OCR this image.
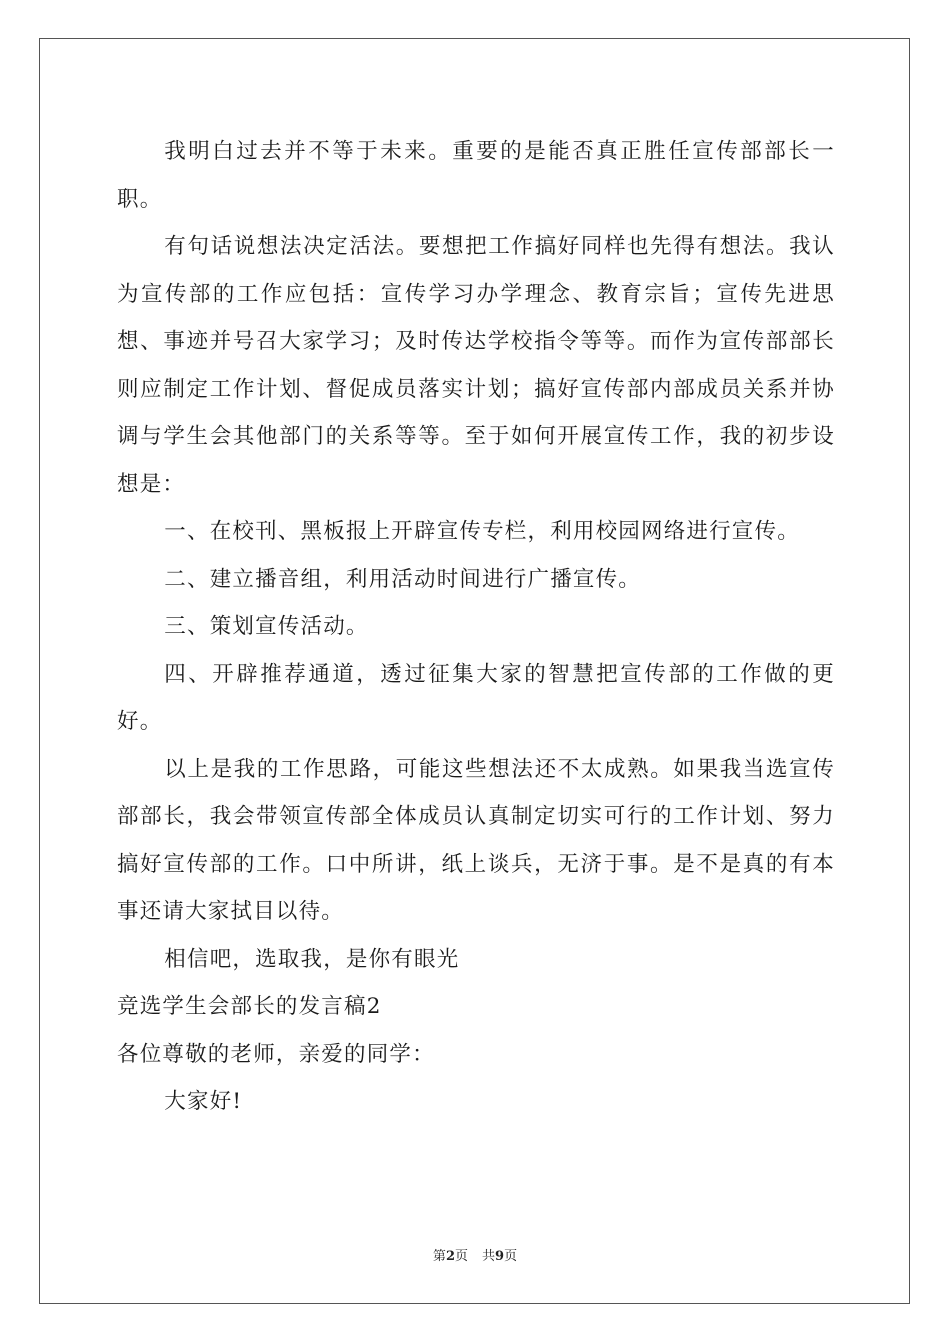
我明白过去并不等于未来。重要的是能否真正胜任宣传部部长一职。

有句话说想法决定活法。要想把工作搞好同样也先得有想法。我认为宣传部的工作应包括：宣传学习办学理念、教育宗旨；宣传先进思想、事迹并号召大家学习；及时传达学校指令等等。而作为宣传部部长则应制定工作计划、督促成员落实计划；搞好宣传部内部成员关系并协调与学生会其他部门的关系等等。至于如何开展宣传工作，我的初步设想是：

一、在校刊、黑板报上开辟宣传专栏，利用校园网络进行宣传。

二、建立播音组，利用活动时间进行广播宣传。

三、策划宣传活动。

四、开辟推荐通道，透过征集大家的智慧把宣传部的工作做的更好。

以上是我的工作思路，可能这些想法还不太成熟。如果我当选宣传部部长，我会带领宣传部全体成员认真制定切实可行的工作计划、努力搞好宣传部的工作。口中所讲，纸上谈兵，无济于事。是不是真的有本事还请大家拭目以待。

相信吧，选取我，是你有眼光

竞选学生会部长的发言稿2

各位尊敬的老师，亲爱的同学：

大家好!

第2页 共9页
